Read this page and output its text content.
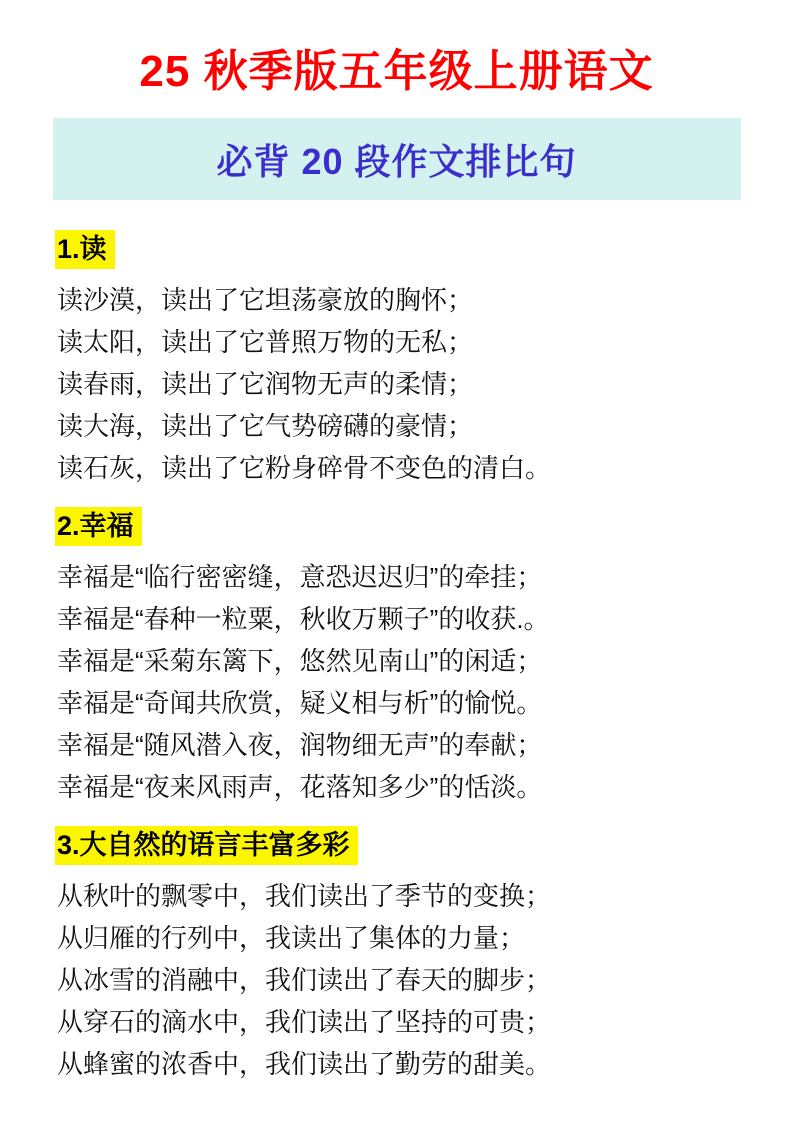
25 秋季版五年级上册语文
必背 20 段作文排比句
1.读

读沙漠，读出了它坦荡豪放的胸怀；

读太阳，读出了它普照万物的无私；

读春雨，读出了它润物无声的柔情；

读大海，读出了它气势磅礴的豪情；

读石灰，读出了它粉身碎骨不变色的清白。

2.幸福

幸福是“临行密密缝，意恐迟迟归”的牵挂；

幸福是“春种一粒粟，秋收万颗子”的收获.。

幸福是“采菊东篱下，悠然见南山”的闲适；

幸福是“奇闻共欣赏，疑义相与析”的愉悦。

幸福是“随风潜入夜，润物细无声”的奉献；

幸福是“夜来风雨声，花落知多少”的恬淡。

3.大自然的语言丰富多彩

从秋叶的飘零中，我们读出了季节的变换；

从归雁的行列中，我读出了集体的力量；

从冰雪的消融中，我们读出了春天的脚步；

从穿石的滴水中，我们读出了坚持的可贵；

从蜂蜜的浓香中，我们读出了勤劳的甜美。
